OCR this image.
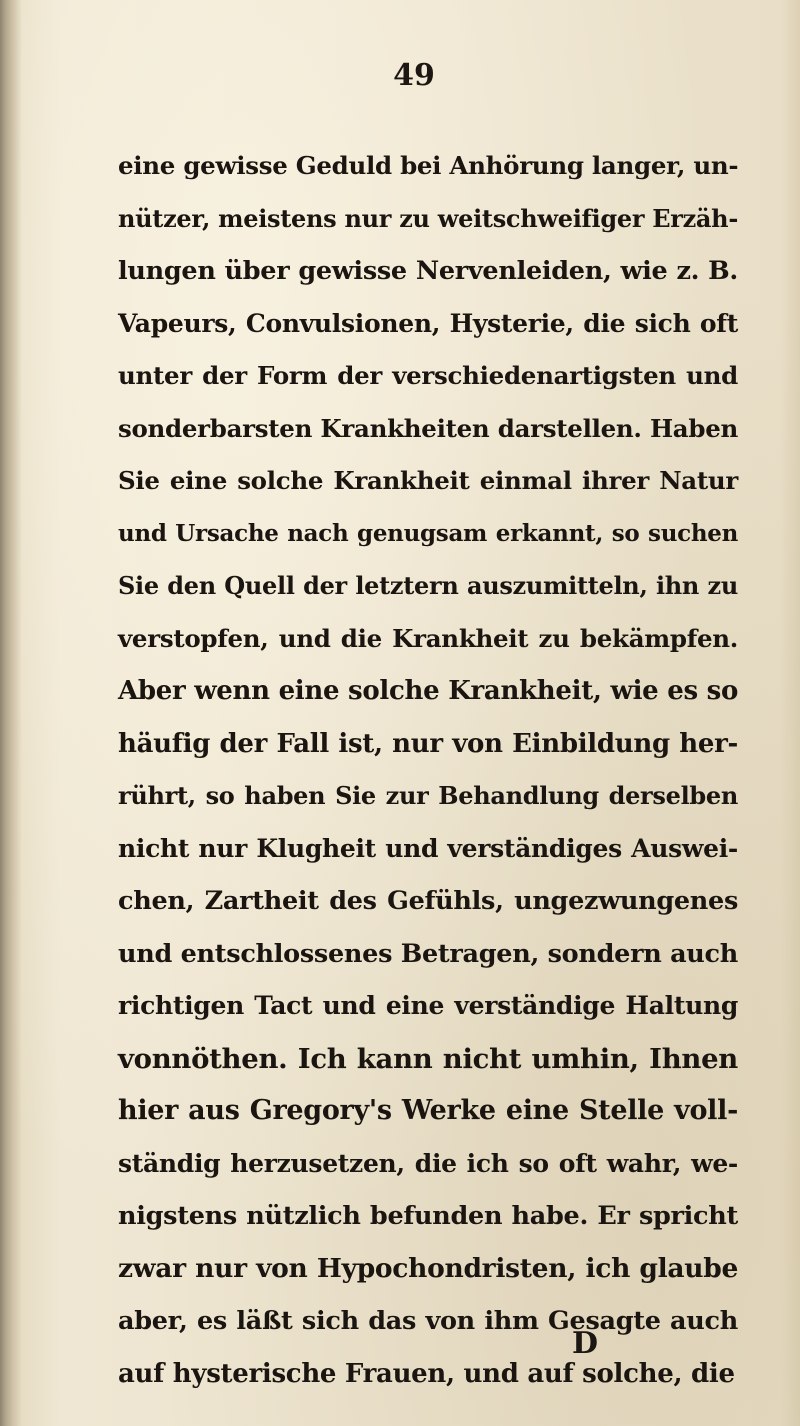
49
eine gewisse Geduld bei Anhörung langer, un-
nützer, meistens nur zu weitschweifiger Erzäh-
lungen über gewisse Nervenleiden, wie z. B.
Vapeurs, Convulsionen, Hysterie, die sich oft
unter der Form der verschiedenartigsten und
sonderbarsten Krankheiten darstellen. Haben
Sie eine solche Krankheit einmal ihrer Natur
und Ursache nach genugsam erkannt, so suchen
Sie den Quell der letztern auszumitteln, ihn zu
verstopfen, und die Krankheit zu bekämpfen.
Aber wenn eine solche Krankheit, wie es so
häufig der Fall ist, nur von Einbildung her-
rührt, so haben Sie zur Behandlung derselben
nicht nur Klugheit und verständiges Auswei-
chen, Zartheit des Gefühls, ungezwungenes
und entschlossenes Betragen, sondern auch
richtigen Tact und eine verständige Haltung
vonnöthen. Ich kann nicht umhin, Ihnen
hier aus Gregory's Werke eine Stelle voll-
ständig herzusetzen, die ich so oft wahr, we-
nigstens nützlich befunden habe. Er spricht
zwar nur von Hypochondristen, ich glaube
aber, es läßt sich das von ihm Gesagte auch
auf hysterische Frauen, und auf solche, die
D
